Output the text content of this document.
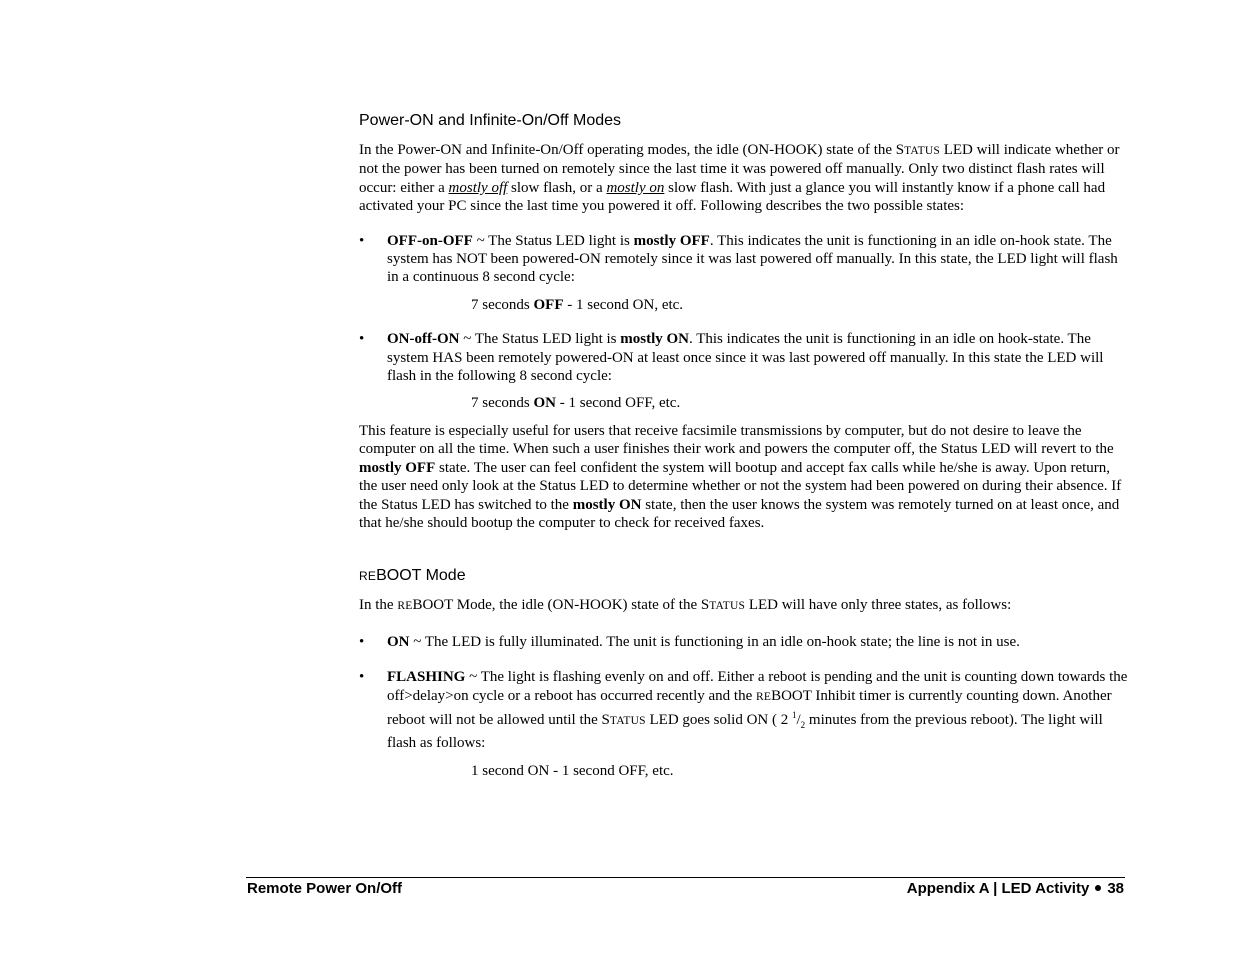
Power-ON and Infinite-On/Off Modes

In the Power-ON and Infinite-On/Off operating modes, the idle (ON-HOOK) state of the STATUS LED will indicate whether or not the power has been turned on remotely since the last time it was powered off manually. Only two distinct flash rates will occur: either a mostly off slow flash, or a mostly on slow flash. With just a glance you will instantly know if a phone call had activated your PC since the last time you powered it off. Following describes the two possible states:

• OFF-on-OFF ~ The Status LED light is mostly OFF. This indicates the unit is functioning in an idle on-hook state. The system has NOT been powered-ON remotely since it was last powered off manually. In this state, the LED light will flash in a continuous 8 second cycle:
7 seconds OFF - 1 second ON, etc.
• ON-off-ON ~ The Status LED light is mostly ON. This indicates the unit is functioning in an idle on hook-state. The system HAS been remotely powered-ON at least once since it was last powered off manually. In this state the LED will flash in the following 8 second cycle:
7 seconds ON - 1 second OFF, etc.

This feature is especially useful for users that receive facsimile transmissions by computer, but do not desire to leave the computer on all the time. When such a user finishes their work and powers the computer off, the Status LED will revert to the mostly OFF state. The user can feel confident the system will bootup and accept fax calls while he/she is away. Upon return, the user need only look at the Status LED to determine whether or not the system had been powered on during their absence. If the Status LED has switched to the mostly ON state, then the user knows the system was remotely turned on at least once, and that he/she should bootup the computer to check for received faxes.

REBOOT Mode

In the REBOOT Mode, the idle (ON-HOOK) state of the STATUS LED will have only three states, as follows:

• ON ~ The LED is fully illuminated. The unit is functioning in an idle on-hook state; the line is not in use.
• FLASHING ~ The light is flashing evenly on and off. Either a reboot is pending and the unit is counting down towards the off>delay>on cycle or a reboot has occurred recently and the REBOOT Inhibit timer is currently counting down. Another reboot will not be allowed until the STATUS LED goes solid ON ( 2 $^1/_2$ minutes from the previous reboot). The light will flash as follows:
1 second ON - 1 second OFF, etc.
Remote Power On/Off	Appendix A | LED Activity 38
